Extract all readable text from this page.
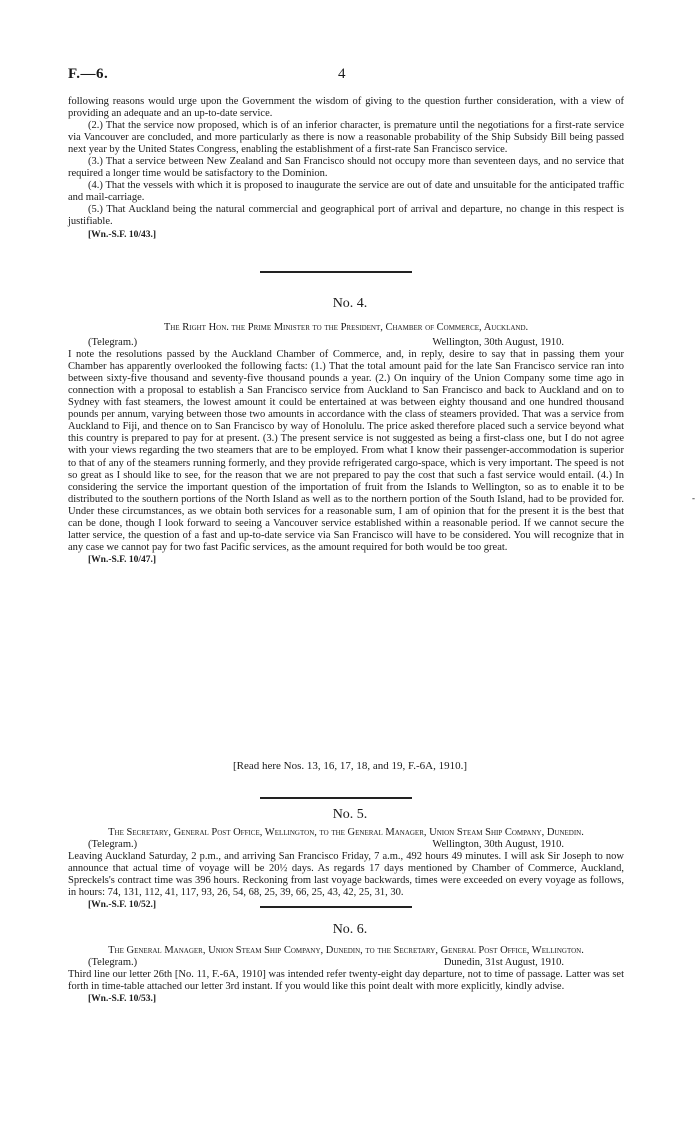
F.—6.	4

following reasons would urge upon the Government the wisdom of giving to the question further consideration, with a view of providing an adequate and an up-to-date service.

(2.) That the service now proposed, which is of an inferior character, is premature until the negotiations for a first-rate service via Vancouver are concluded, and more particularly as there is now a reasonable probability of the Ship Subsidy Bill being passed next year by the United States Congress, enabling the establishment of a first-rate San Francisco service.

(3.) That a service between New Zealand and San Francisco should not occupy more than seventeen days, and no service that required a longer time would be satisfactory to the Dominion.

(4.) That the vessels with which it is proposed to inaugurate the service are out of date and unsuitable for the anticipated traffic and mail-carriage.

(5.) That Auckland being the natural commercial and geographical port of arrival and departure, no change in this respect is justifiable.

[Wn.-S.F. 10/43.]

No. 4.

The Right Hon. the Prime Minister to the President, Chamber of Commerce, Auckland.

(Telegram.)	Wellington, 30th August, 1910.

I note the resolutions passed by the Auckland Chamber of Commerce, and, in reply, desire to say that in passing them your Chamber has apparently overlooked the following facts: (1.) That the total amount paid for the late San Francisco service ran into between sixty-five thousand and seventy-five thousand pounds a year. (2.) On inquiry of the Union Company some time ago in connection with a proposal to establish a San Francisco service from Auckland to San Francisco and back to Auckland and on to Sydney with fast steamers, the lowest amount it could be entertained at was between eighty thousand and one hundred thousand pounds per annum, varying between those two amounts in accordance with the class of steamers provided. That was a service from Auckland to Fiji, and thence on to San Francisco by way of Honolulu. The price asked therefore placed such a service beyond what this country is prepared to pay for at present. (3.) The present service is not suggested as being a first-class one, but I do not agree with your views regarding the two steamers that are to be employed. From what I know their passenger-accommodation is superior to that of any of the steamers running formerly, and they provide refrigerated cargo-space, which is very important. The speed is not so great as I should like to see, for the reason that we are not prepared to pay the cost that such a fast service would entail. (4.) In considering the service the important question of the importation of fruit from the Islands to Wellington, so as to enable it to be distributed to the southern portions of the North Island as well as to the northern portion of the South Island, had to be provided for. Under these circumstances, as we obtain both services for a reasonable sum, I am of opinion that for the present it is the best that can be done, though I look forward to seeing a Vancouver service established within a reasonable period. If we cannot secure the latter service, the question of a fast and up-to-date service via San Francisco will have to be considered. You will recognize that in any case we cannot pay for two fast Pacific services, as the amount required for both would be too great.

[Wn.-S.F. 10/47.]

[Read here Nos. 13, 16, 17, 18, and 19, F.-6A, 1910.]
No. 5.

The Secretary, General Post Office, Wellington, to the General Manager, Union Steam Ship Company, Dunedin.

(Telegram.)	Wellington, 30th August, 1910.

Leaving Auckland Saturday, 2 p.m., and arriving San Francisco Friday, 7 a.m., 492 hours 49 minutes. I will ask Sir Joseph to now announce that actual time of voyage will be 20½ days. As regards 17 days mentioned by Chamber of Commerce, Auckland, Spreckels's contract time was 396 hours. Reckoning from last voyage backwards, times were exceeded on every voyage as follows, in hours: 74, 131, 112, 41, 117, 93, 26, 54, 68, 25, 39, 66, 25, 43, 42, 25, 31, 30.

[Wn.-S.F. 10/52.]

No. 6.

The General Manager, Union Steam Ship Company, Dunedin, to the Secretary, General Post Office, Wellington.

(Telegram.)	Dunedin, 31st August, 1910.

Third line our letter 26th [No. 11, F.-6A, 1910] was intended refer twenty-eight day departure, not to time of passage. Latter was set forth in time-table attached our letter 3rd instant. If you would like this point dealt with more explicitly, kindly advise.

[Wn.-S.F. 10/53.]

-
